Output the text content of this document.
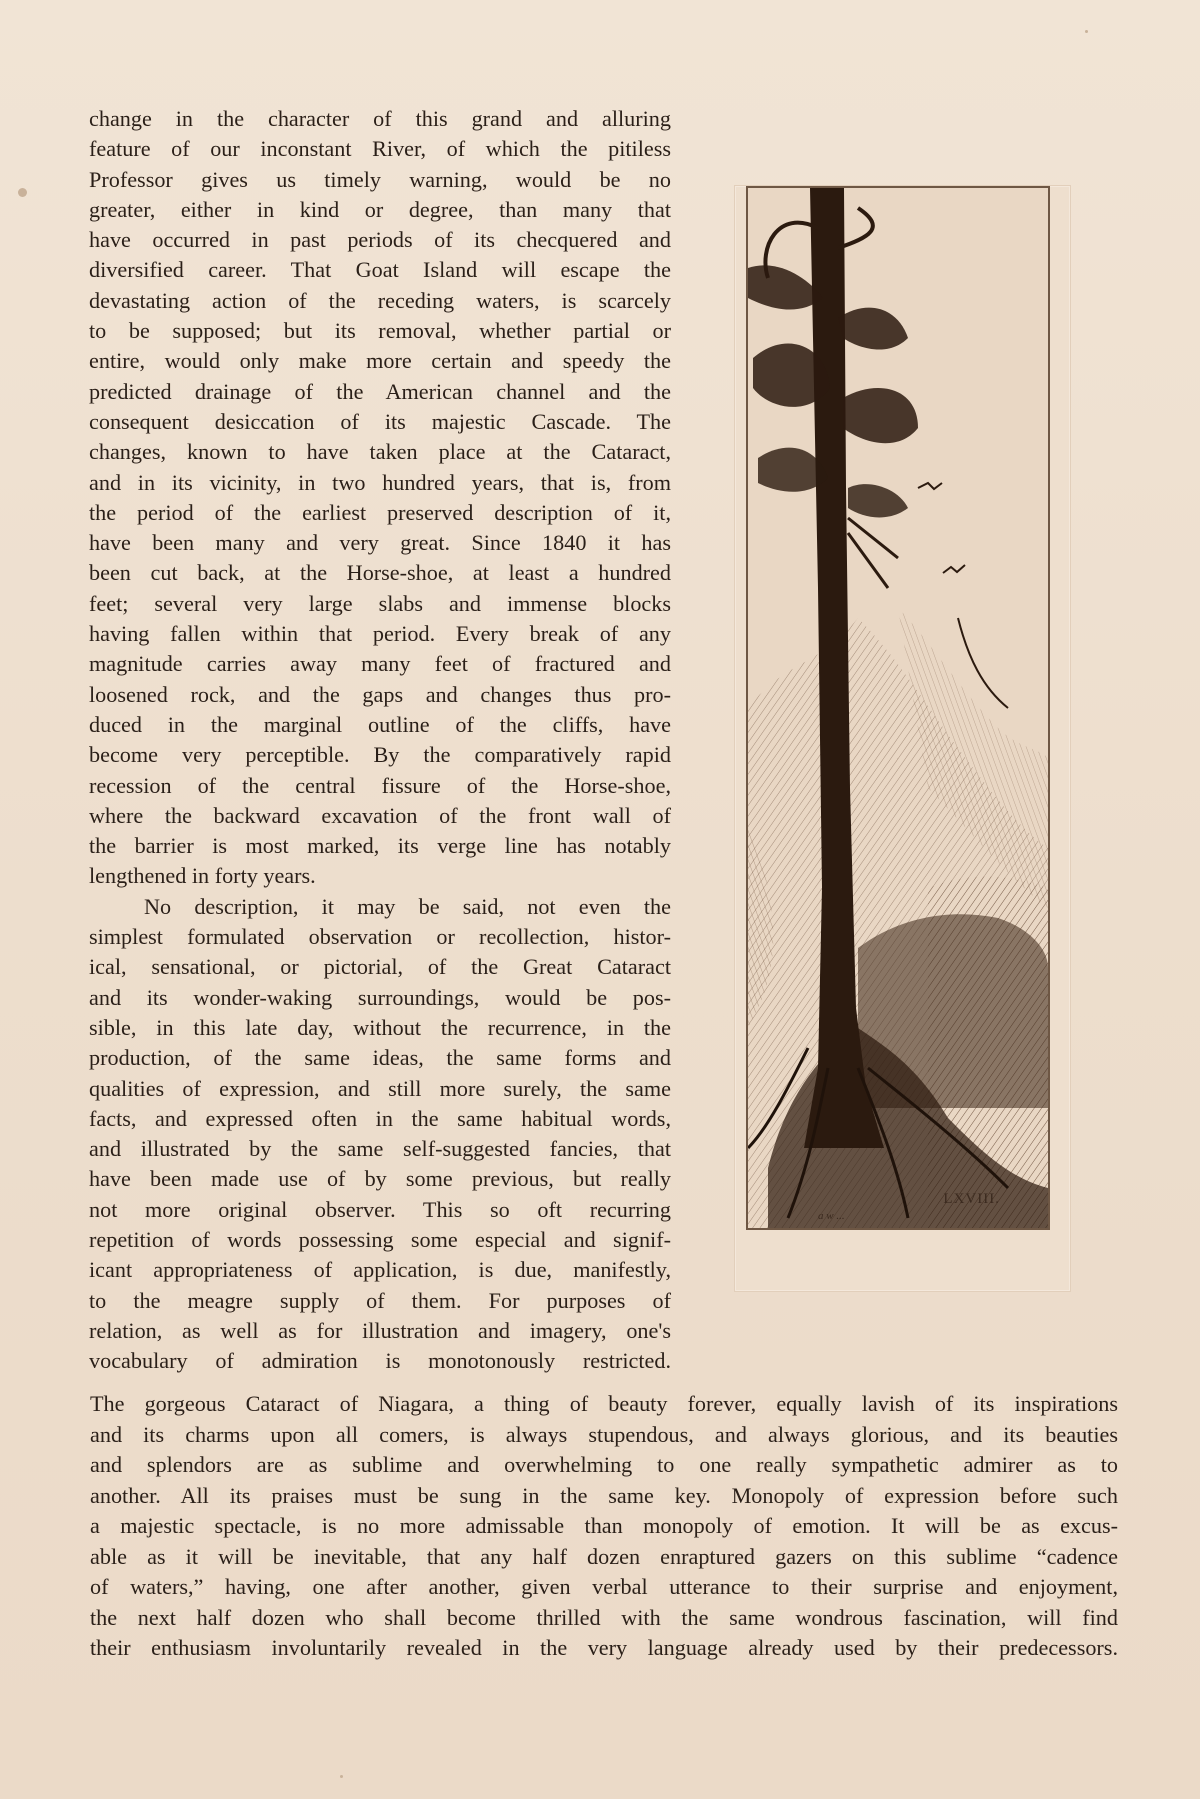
a w ...
LXVIII.
change in the character of this grand and alluring
feature of our inconstant River, of which the pitiless
Professor gives us timely warning, would be no
greater, either in kind or degree, than many that
have occurred in past periods of its checquered and
diversified career. That Goat Island will escape the
devastating action of the receding waters, is scarcely
to be supposed; but its removal, whether partial or
entire, would only make more certain and speedy the
predicted drainage of the American channel and the
consequent desiccation of its majestic Cascade. The
changes, known to have taken place at the Cataract,
and in its vicinity, in two hundred years, that is, from
the period of the earliest preserved description of it,
have been many and very great. Since 1840 it has
been cut back, at the Horse-shoe, at least a hundred
feet; several very large slabs and immense blocks
having fallen within that period. Every break of any
magnitude carries away many feet of fractured and
loosened rock, and the gaps and changes thus pro-
duced in the marginal outline of the cliffs, have
become very perceptible. By the comparatively rapid
recession of the central fissure of the Horse-shoe,
where the backward excavation of the front wall of
the barrier is most marked, its verge line has notably
lengthened in forty years.
No description, it may be said, not even the
simplest formulated observation or recollection, histor-
ical, sensational, or pictorial, of the Great Cataract
and its wonder-waking surroundings, would be pos-
sible, in this late day, without the recurrence, in the
production, of the same ideas, the same forms and
qualities of expression, and still more surely, the same
facts, and expressed often in the same habitual words,
and illustrated by the same self-suggested fancies, that
have been made use of by some previous, but really
not more original observer. This so oft recurring
repetition of words possessing some especial and signif-
icant appropriateness of application, is due, manifestly,
to the meagre supply of them. For purposes of
relation, as well as for illustration and imagery, one's
vocabulary of admiration is monotonously restricted.
The gorgeous Cataract of Niagara, a thing of beauty forever, equally lavish of its inspirations
and its charms upon all comers, is always stupendous, and always glorious, and its beauties
and splendors are as sublime and overwhelming to one really sympathetic admirer as to
another. All its praises must be sung in the same key. Monopoly of expression before such
a majestic spectacle, is no more admissable than monopoly of emotion. It will be as excus-
able as it will be inevitable, that any half dozen enraptured gazers on this sublime “cadence
of waters,” having, one after another, given verbal utterance to their surprise and enjoyment,
the next half dozen who shall become thrilled with the same wondrous fascination, will find
their enthusiasm involuntarily revealed in the very language already used by their predecessors.
